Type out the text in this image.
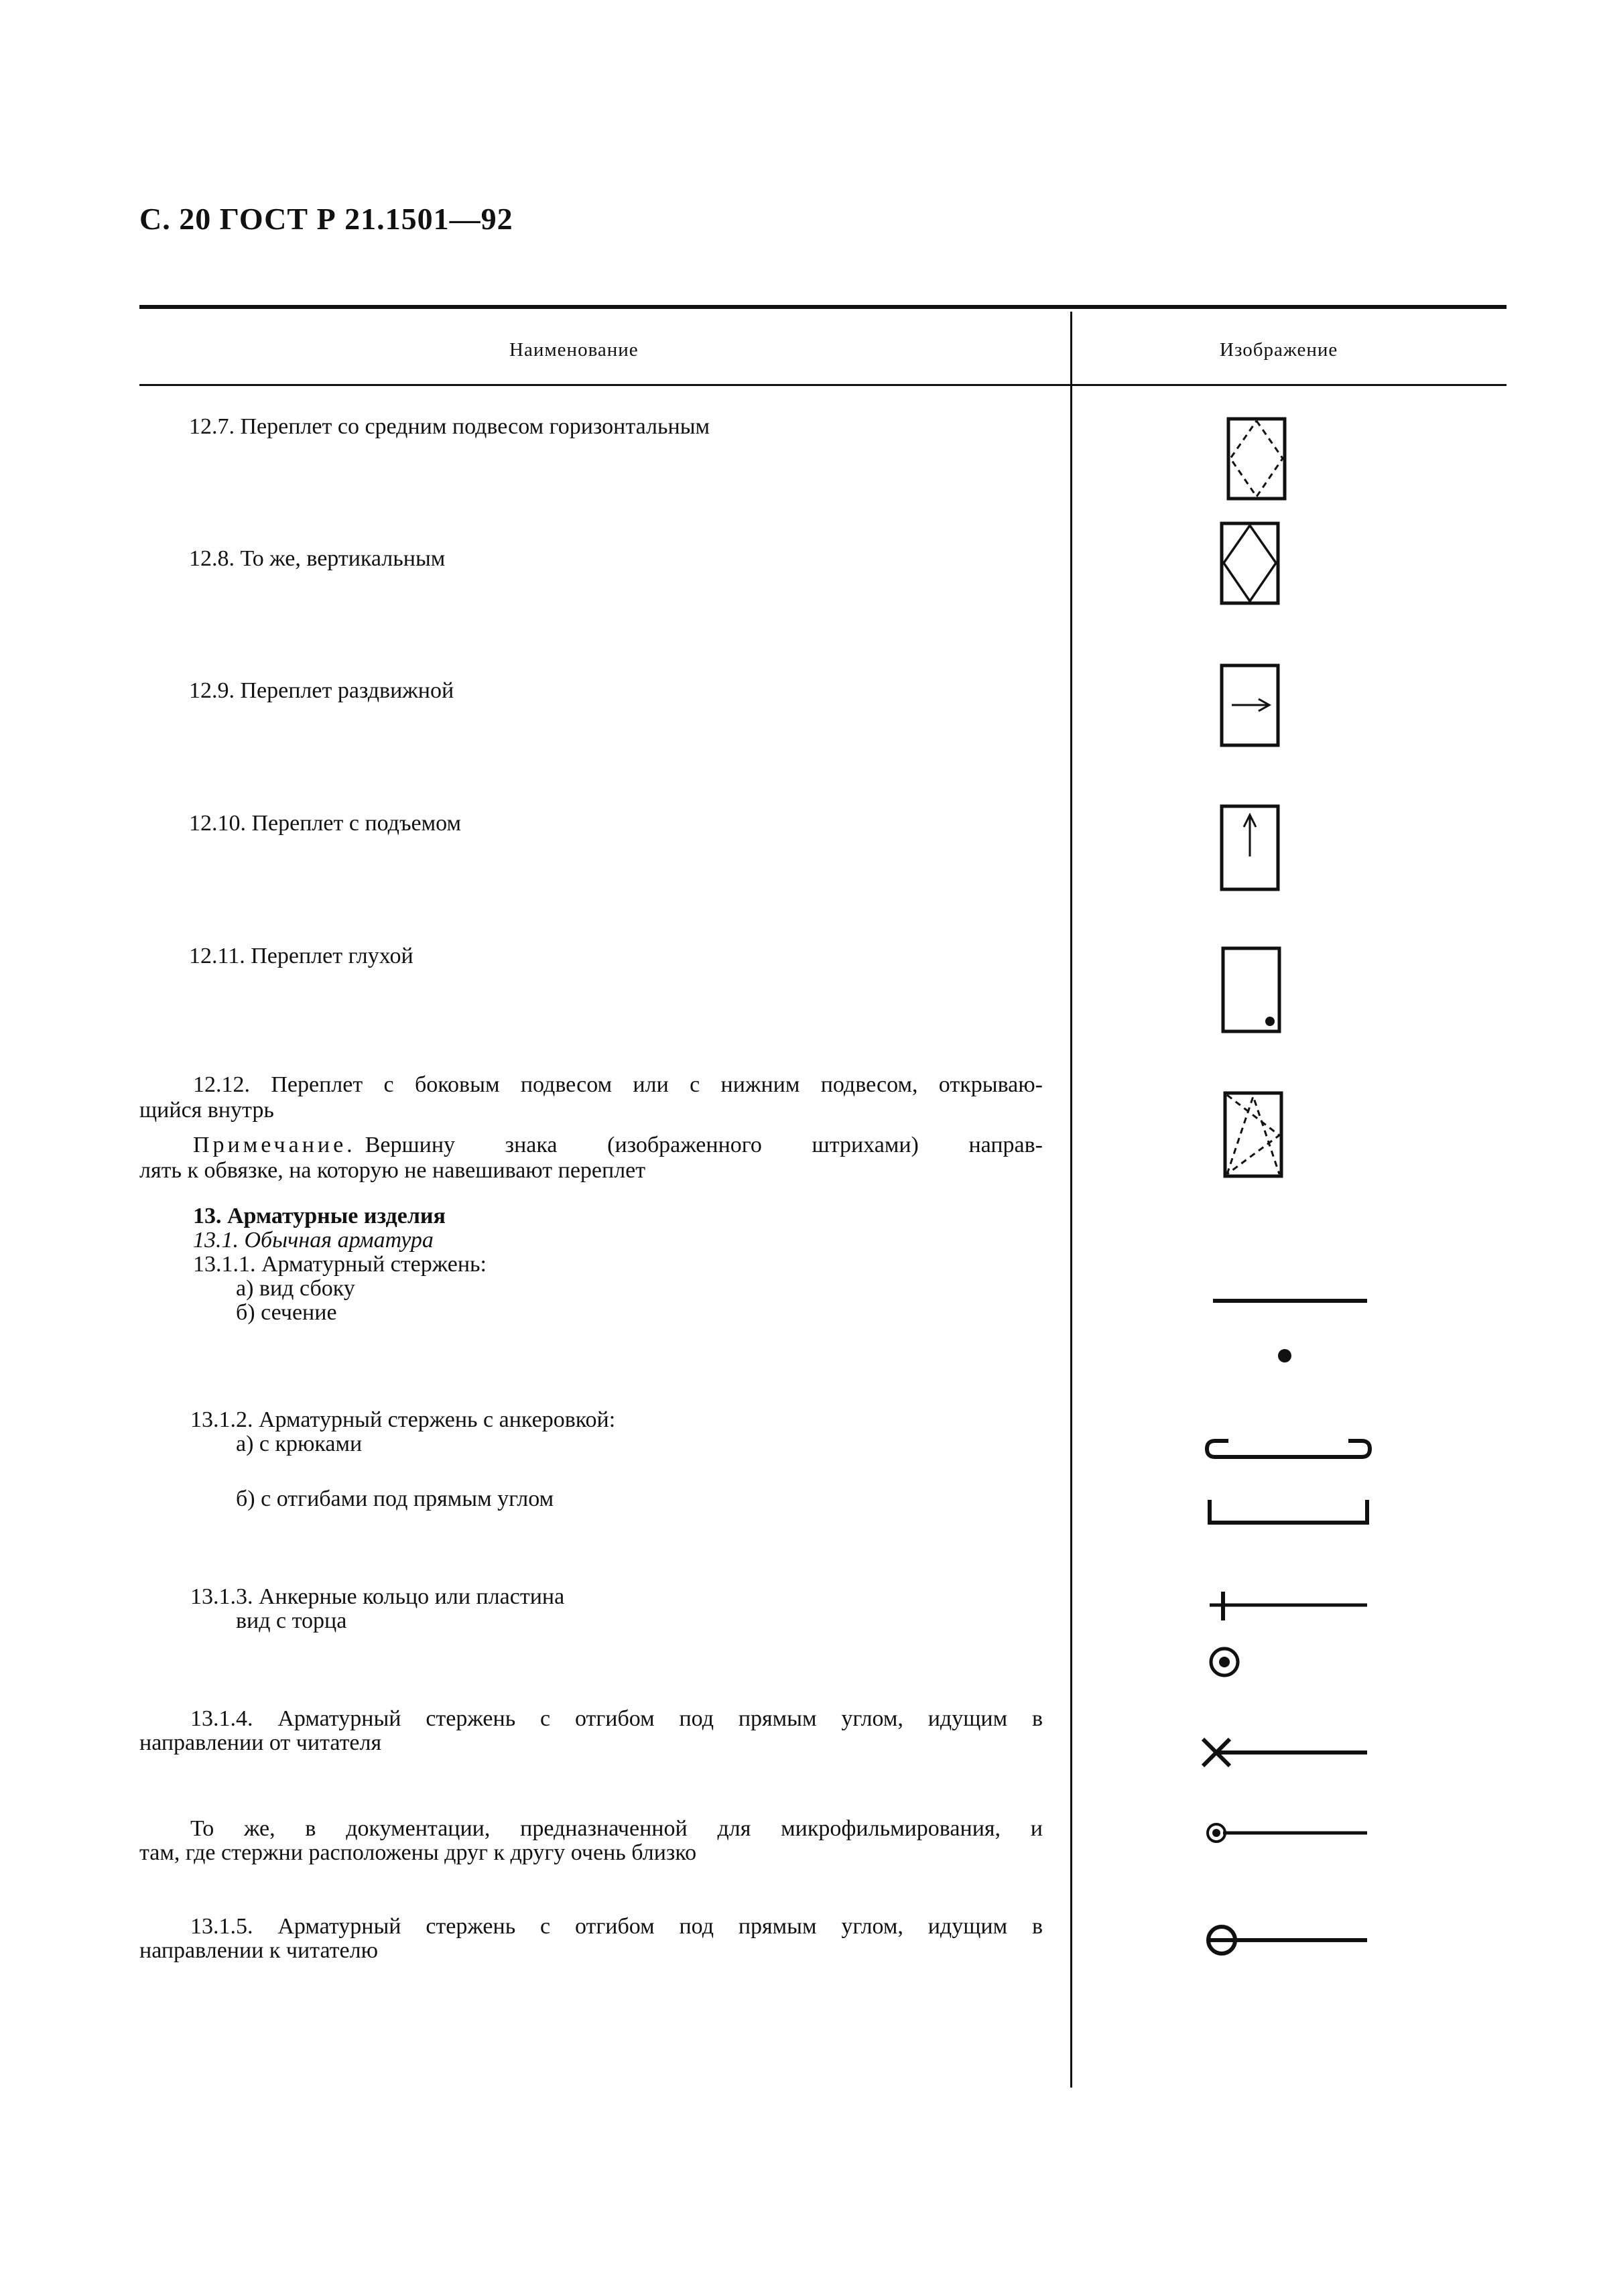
С. 20 ГОСТ Р 21.1501—92
Наименование	Изображение
12.7. Переплет со средним подвесом горизонтальным
12.8. То же, вертикальным
12.9. Переплет раздвижной
12.10. Переплет с подъемом
12.11. Переплет глухой
12.12. Переплет с боковым подвесом или с нижним подвесом, открываю-
щийся внутрь
Примечание. Вершину знака (изображенного штрихами) направ-
лять к обвязке, на которую не навешивают переплет
13. Арматурные изделия
13.1. Обычная арматура
13.1.1. Арматурный стержень:
а) вид сбоку
б) сечение
13.1.2. Арматурный стержень с анкеровкой:
а) с крюками
б) с отгибами под прямым углом
13.1.3. Анкерные кольцо или пластина
вид с торца
13.1.4. Арматурный стержень с отгибом под прямым углом, идущим в
направлении от читателя
То же, в документации, предназначенной для микрофильмирования, и
там, где стержни расположены друг к другу очень близко
13.1.5. Арматурный стержень с отгибом под прямым углом, идущим в
направлении к читателю
